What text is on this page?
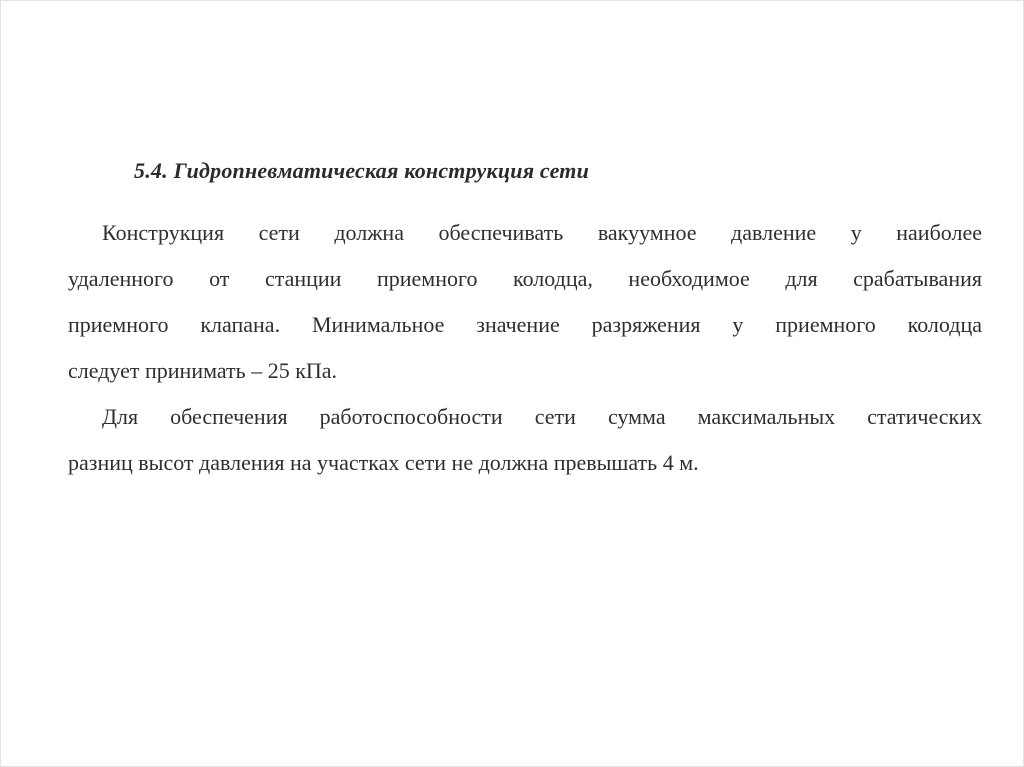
5.4. Гидропневматическая конструкция сети
Конструкция сети должна обеспечивать вакуумное давление у наиболее
удаленного от станции приемного колодца, необходимое для срабатывания
приемного клапана. Минимальное значение разряжения у приемного колодца
следует принимать – 25 кПа.
Для обеспечения работоспособности сети сумма максимальных статических
разниц высот давления на участках сети не должна превышать 4 м.
